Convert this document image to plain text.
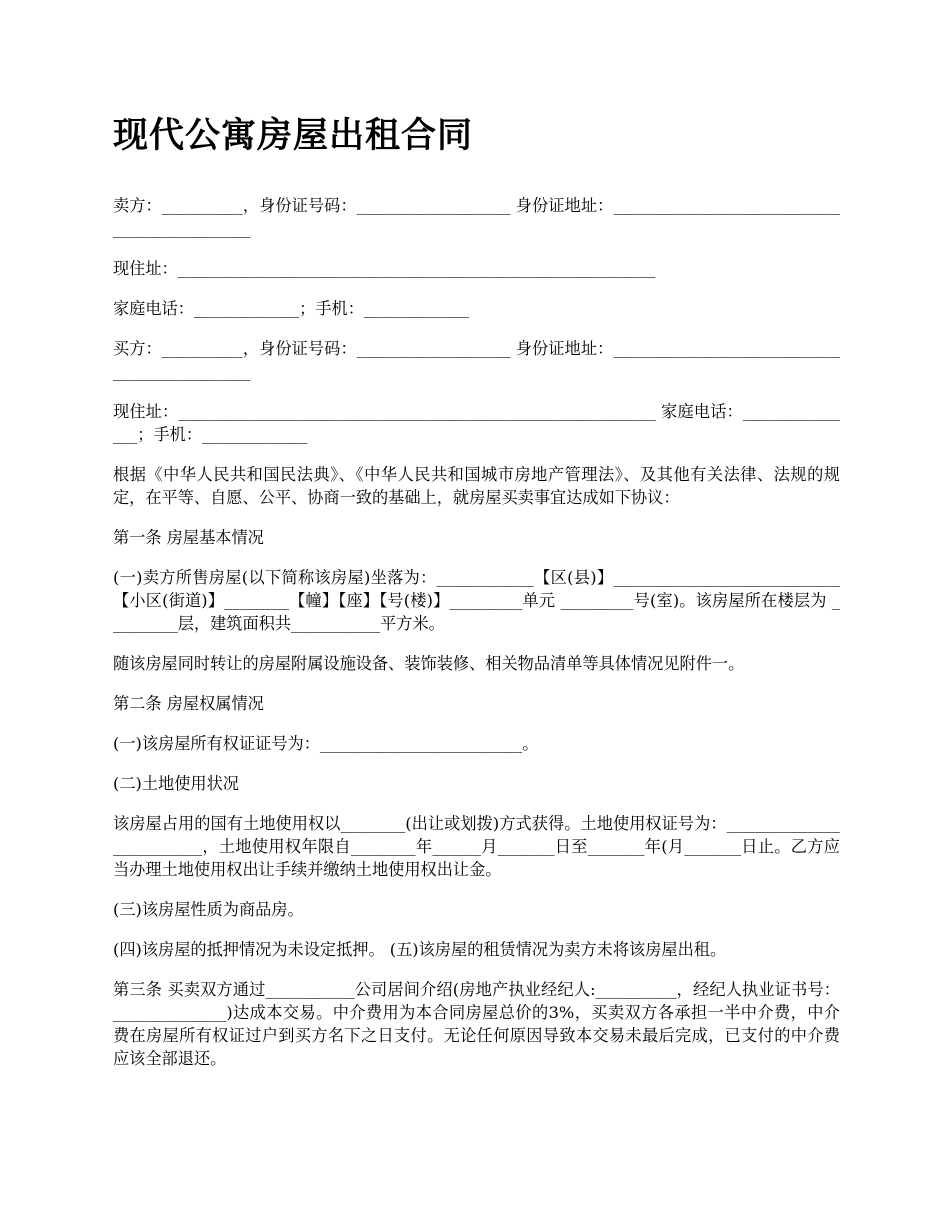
现代公寓房屋出租合同

卖方：__________，身份证号码：___________________ 身份证地址：_____________________________________________

现住址：___________________________________________________________

家庭电话：_____________；手机：_____________

买方：__________，身份证号码：___________________ 身份证地址：_____________________________________________

现住址：___________________________________________________________ 家庭电话：_______________；手机：_____________

根据《中华人民共和国民法典》、《中华人民共和国城市房地产管理法》、及其他有关法律、法规的规定，在平等、自愿、公平、协商一致的基础上，就房屋买卖事宜达成如下协议：

第一条 房屋基本情况

(一)卖方所售房屋(以下简称该房屋)坐落为：____________【区(县)】____________________________【小区(街道)】________【幢】【座】【号(楼)】_________单元 _________号(室)。该房屋所在楼层为 _________层，建筑面积共___________平方米。

随该房屋同时转让的房屋附属设施设备、装饰装修、相关物品清单等具体情况见附件一。

第二条 房屋权属情况

(一)该房屋所有权证证号为：_________________________。

(二)土地使用状况

该房屋占用的国有土地使用权以________(出让或划拨)方式获得。土地使用权证号为：_________________________，土地使用权年限自________年______月_______日至_______年(月_______日止。乙方应当办理土地使用权出让手续并缴纳土地使用权出让金。

(三)该房屋性质为商品房。

(四)该房屋的抵押情况为未设定抵押。 (五)该房屋的租赁情况为卖方未将该房屋出租。

第三条 买卖双方通过___________公司居间介绍(房地产执业经纪人:__________，经纪人执业证书号：______________)达成本交易。中介费用为本合同房屋总价的3%，买卖双方各承担一半中介费，中介费在房屋所有权证过户到买方名下之日支付。无论任何原因导致本交易未最后完成，已支付的中介费应该全部退还。
